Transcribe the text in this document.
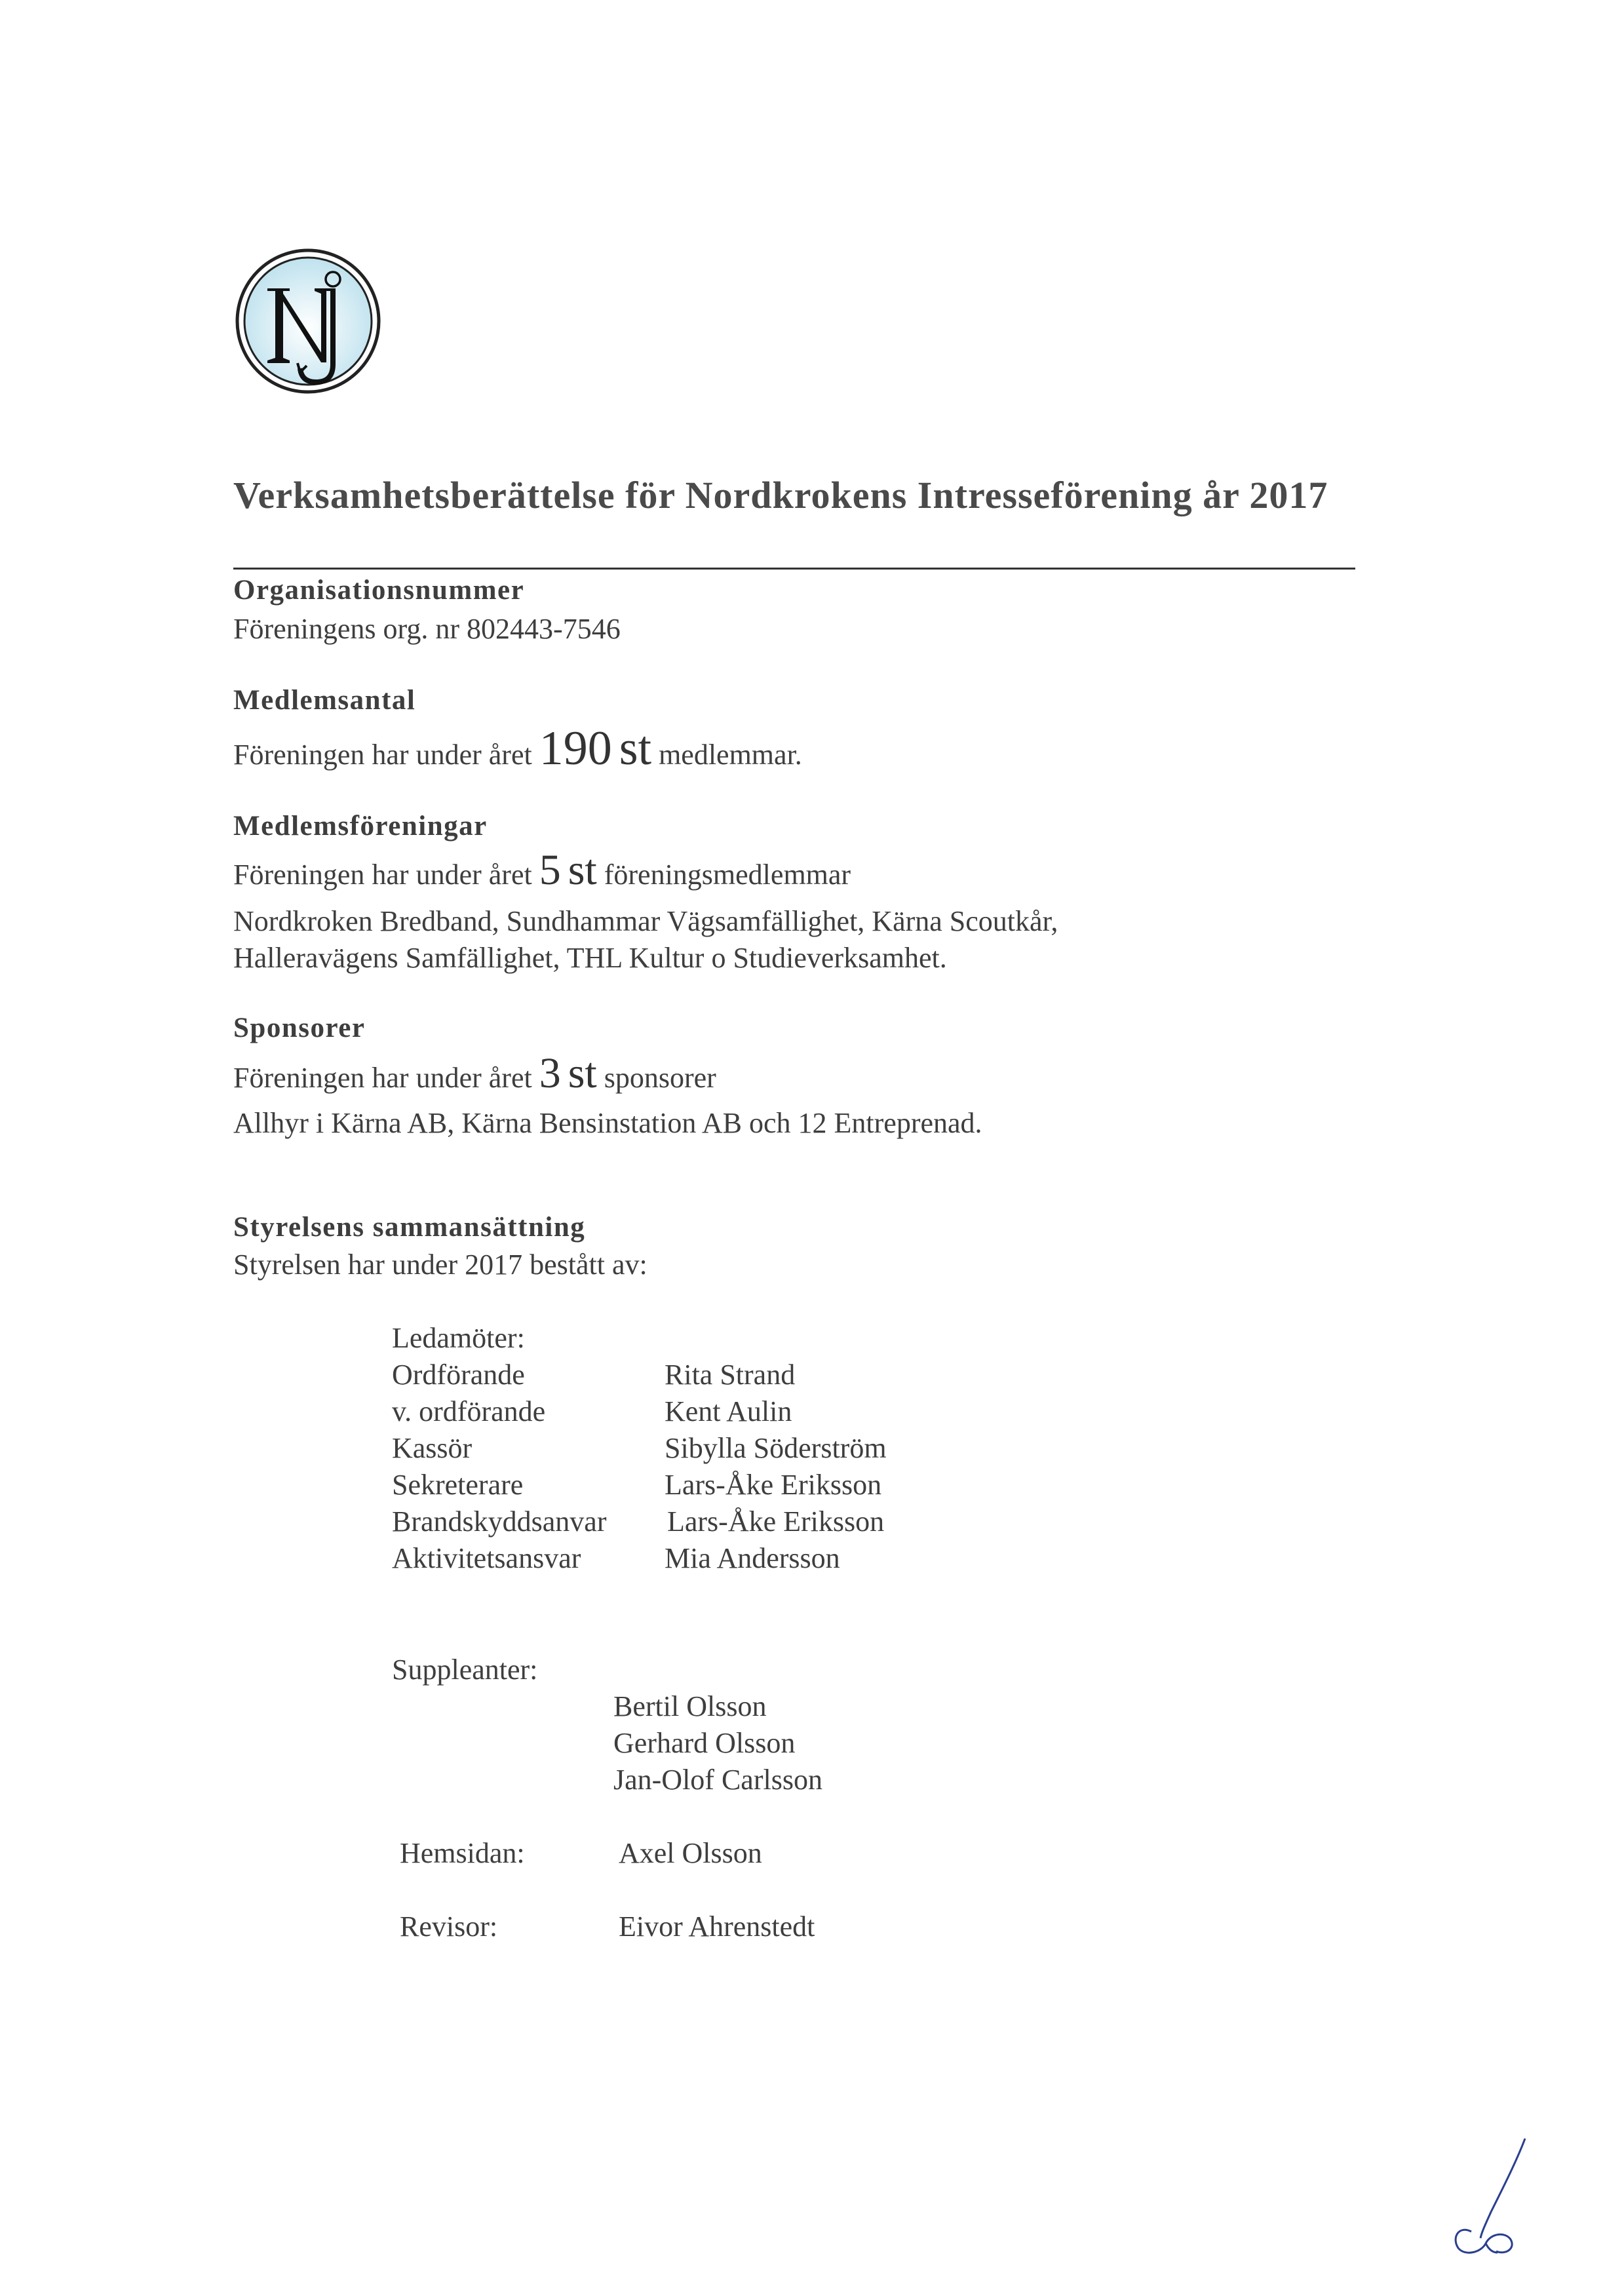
Verksamhetsberättelse för Nordkrokens Intresseförening år 2017
Organisationsnummer
Föreningens org. nr 802443-7546
Medlemsantal
Föreningen har under året 190 st medlemmar.
Medlemsföreningar
Föreningen har under året 5 st föreningsmedlemmar
Nordkroken Bredband, Sundhammar Vägsamfällighet, Kärna Scoutkår,
Halleravägens Samfällighet, THL Kultur o Studieverksamhet.
Sponsorer
Föreningen har under året 3 st sponsorer
Allhyr i Kärna AB, Kärna Bensinstation AB och 12 Entreprenad.
Styrelsens sammansättning
Styrelsen har under 2017 bestått av:
Ledamöter:
Ordförande	Rita Strand
v. ordförande	Kent Aulin
Kassör	Sibylla Söderström
Sekreterare	Lars-Åke Eriksson
Brandskyddsanvar Lars-Åke Eriksson
Aktivitetsansvar	Mia Andersson
Suppleanter:
Bertil Olsson
Gerhard Olsson
Jan-Olof Carlsson
Hemsidan:	Axel Olsson
Revisor:	Eivor Ahrenstedt
